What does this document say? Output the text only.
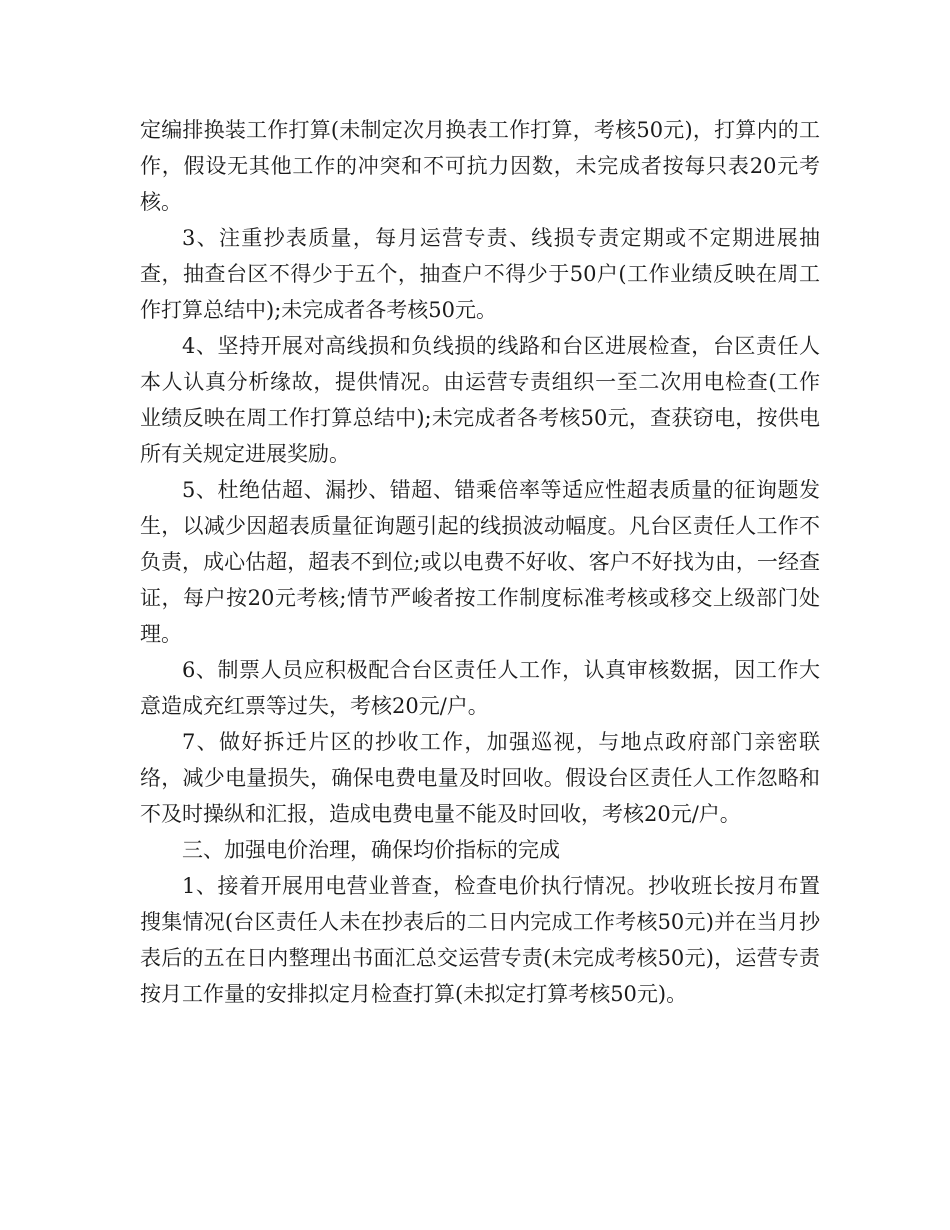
定编排换装工作打算(未制定次月换表工作打算，考核50元)，打算内的工作，假设无其他工作的冲突和不可抗力因数，未完成者按每只表20元考核。

3、注重抄表质量，每月运营专责、线损专责定期或不定期进展抽查，抽查台区不得少于五个，抽查户不得少于50户(工作业绩反映在周工作打算总结中);未完成者各考核50元。

4、坚持开展对高线损和负线损的线路和台区进展检查，台区责任人本人认真分析缘故，提供情况。由运营专责组织一至二次用电检查(工作业绩反映在周工作打算总结中);未完成者各考核50元，查获窃电，按供电所有关规定进展奖励。

5、杜绝估超、漏抄、错超、错乘倍率等适应性超表质量的征询题发生，以减少因超表质量征询题引起的线损波动幅度。凡台区责任人工作不负责，成心估超，超表不到位;或以电费不好收、客户不好找为由，一经查证，每户按20元考核;情节严峻者按工作制度标准考核或移交上级部门处理。

6、制票人员应积极配合台区责任人工作，认真审核数据，因工作大意造成充红票等过失，考核20元/户。

7、做好拆迁片区的抄收工作，加强巡视，与地点政府部门亲密联络，减少电量损失，确保电费电量及时回收。假设台区责任人工作忽略和不及时操纵和汇报，造成电费电量不能及时回收，考核20元/户。

三、加强电价治理，确保均价指标的完成

1、接着开展用电营业普查，检查电价执行情况。抄收班长按月布置搜集情况(台区责任人未在抄表后的二日内完成工作考核50元)并在当月抄表后的五在日内整理出书面汇总交运营专责(未完成考核50元)，运营专责按月工作量的安排拟定月检查打算(未拟定打算考核50元)。
